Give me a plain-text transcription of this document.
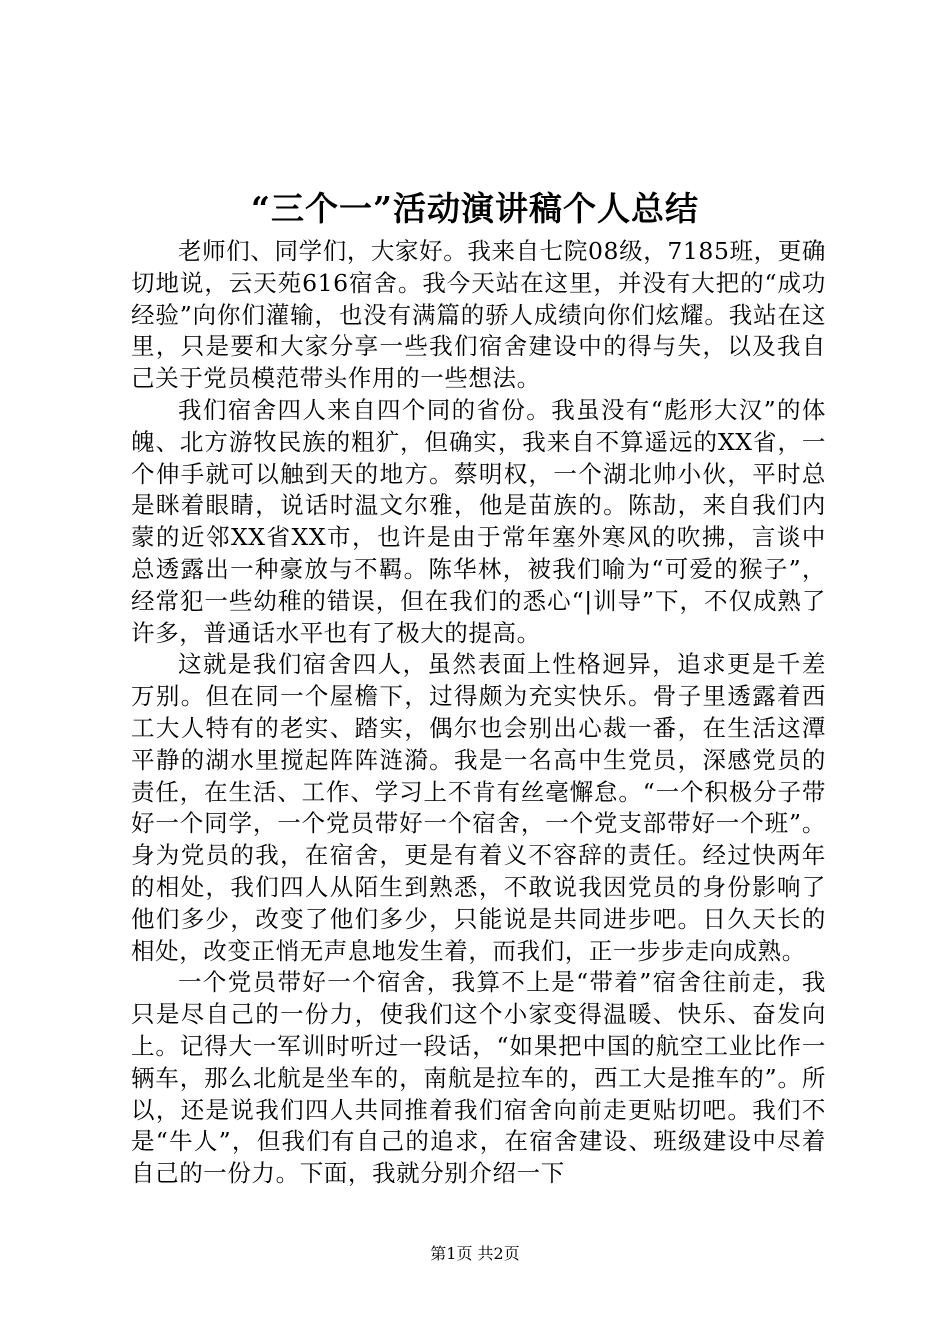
“三个一”活动演讲稿个人总结

老师们、同学们，大家好。我来自七院08级，7185班，更确切地说，云天苑616宿舍。我今天站在这里，并没有大把的“成功经验”向你们灌输，也没有满篇的骄人成绩向你们炫耀。我站在这里，只是要和大家分享一些我们宿舍建设中的得与失，以及我自己关于党员模范带头作用的一些想法。

我们宿舍四人来自四个同的省份。我虽没有“彪形大汉”的体魄、北方游牧民族的粗犷，但确实，我来自不算遥远的XX省，一个伸手就可以触到天的地方。蔡明权，一个湖北帅小伙，平时总是眯着眼睛，说话时温文尔雅，他是苗族的。陈劼，来自我们内蒙的近邻XX省XX市，也许是由于常年塞外寒风的吹拂，言谈中总透露出一种豪放与不羁。陈华林，被我们喻为“可爱的猴子”，经常犯一些幼稚的错误，但在我们的悉心“|训导”下，不仅成熟了许多，普通话水平也有了极大的提高。

这就是我们宿舍四人，虽然表面上性格迥异，追求更是千差万别。但在同一个屋檐下，过得颇为充实快乐。骨子里透露着西工大人特有的老实、踏实，偶尔也会别出心裁一番，在生活这潭平静的湖水里搅起阵阵涟漪。我是一名高中生党员，深感党员的责任，在生活、工作、学习上不肯有丝毫懈怠。“一个积极分子带好一个同学，一个党员带好一个宿舍，一个党支部带好一个班”。身为党员的我，在宿舍，更是有着义不容辞的责任。经过快两年的相处，我们四人从陌生到熟悉，不敢说我因党员的身份影响了他们多少，改变了他们多少，只能说是共同进步吧。日久天长的相处，改变正悄无声息地发生着，而我们，正一步步走向成熟。

一个党员带好一个宿舍，我算不上是“带着”宿舍往前走，我只是尽自己的一份力，使我们这个小家变得温暖、快乐、奋发向上。记得大一军训时听过一段话，“如果把中国的航空工业比作一辆车，那么北航是坐车的，南航是拉车的，西工大是推车的”。所以，还是说我们四人共同推着我们宿舍向前走更贴切吧。我们不是“牛人”，但我们有自己的追求，在宿舍建设、班级建设中尽着自己的一份力。下面，我就分别介绍一下

第1页 共2页
